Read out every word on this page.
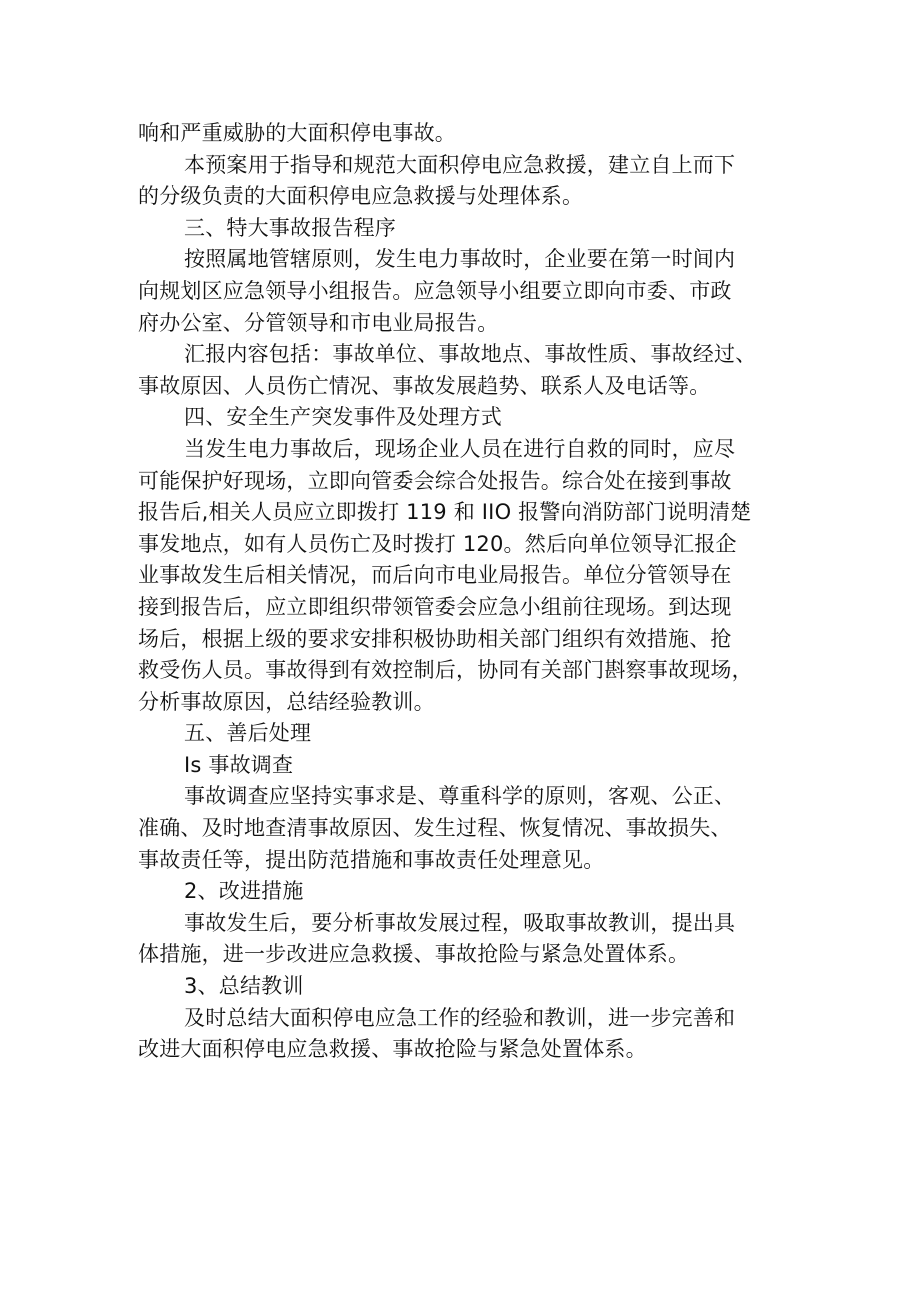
响和严重威胁的大面积停电事故。
本预案用于指导和规范大面积停电应急救援，建立自上而下
的分级负责的大面积停电应急救援与处理体系。
三、特大事故报告程序
按照属地管辖原则，发生电力事故时，企业要在第一时间内
向规划区应急领导小组报告。应急领导小组要立即向市委、市政
府办公室、分管领导和市电业局报告。
汇报内容包括：事故单位、事故地点、事故性质、事故经过、
事故原因、人员伤亡情况、事故发展趋势、联系人及电话等。
四、安全生产突发事件及处理方式
当发生电力事故后，现场企业人员在进行自救的同时，应尽
可能保护好现场，立即向管委会综合处报告。综合处在接到事故
报告后,相关人员应立即拨打 119 和 IIO 报警向消防部门说明清楚
事发地点，如有人员伤亡及时拨打 120。然后向单位领导汇报企
业事故发生后相关情况，而后向市电业局报告。单位分管领导在
接到报告后，应立即组织带领管委会应急小组前往现场。到达现
场后，根据上级的要求安排积极协助相关部门组织有效措施、抢
救受伤人员。事故得到有效控制后，协同有关部门斟察事故现场，
分析事故原因，总结经验教训。
五、善后处理
Is 事故调查
事故调查应坚持实事求是、尊重科学的原则，客观、公正、
准确、及时地查清事故原因、发生过程、恢复情况、事故损失、
事故责任等，提出防范措施和事故责任处理意见。
2、改进措施
事故发生后，要分析事故发展过程，吸取事故教训，提出具
体措施，进一步改进应急救援、事故抢险与紧急处置体系。
3、总结教训
及时总结大面积停电应急工作的经验和教训，进一步完善和
改进大面积停电应急救援、事故抢险与紧急处置体系。
